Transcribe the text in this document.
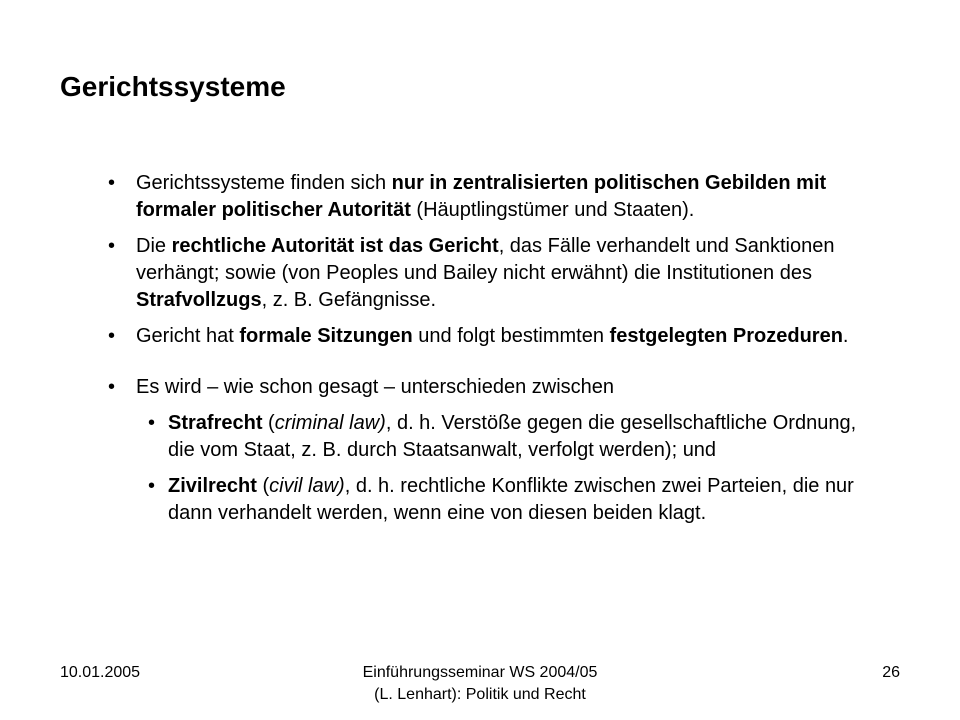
Gerichtssysteme
• Gerichtssysteme finden sich nur in zentralisierten politischen Gebilden mit formaler politischer Autorität (Häuptlingstümer und Staaten).
• Die rechtliche Autorität ist das Gericht, das Fälle verhandelt und Sanktionen verhängt; sowie (von Peoples und Bailey nicht erwähnt) die Institutionen des Strafvollzugs, z. B. Gefängnisse.
• Gericht hat formale Sitzungen und folgt bestimmten festgelegten Prozeduren.
• Es wird – wie schon gesagt – unterschieden zwischen
• Strafrecht (criminal law), d. h. Verstöße gegen die gesellschaftliche Ordnung, die vom Staat, z. B. durch Staatsanwalt, verfolgt werden); und
• Zivilrecht (civil law), d. h. rechtliche Konflikte zwischen zwei Parteien, die nur dann verhandelt werden, wenn eine von diesen beiden klagt.
10.01.2005	Einführungsseminar WS 2004/05
(L. Lenhart): Politik und Recht
26
